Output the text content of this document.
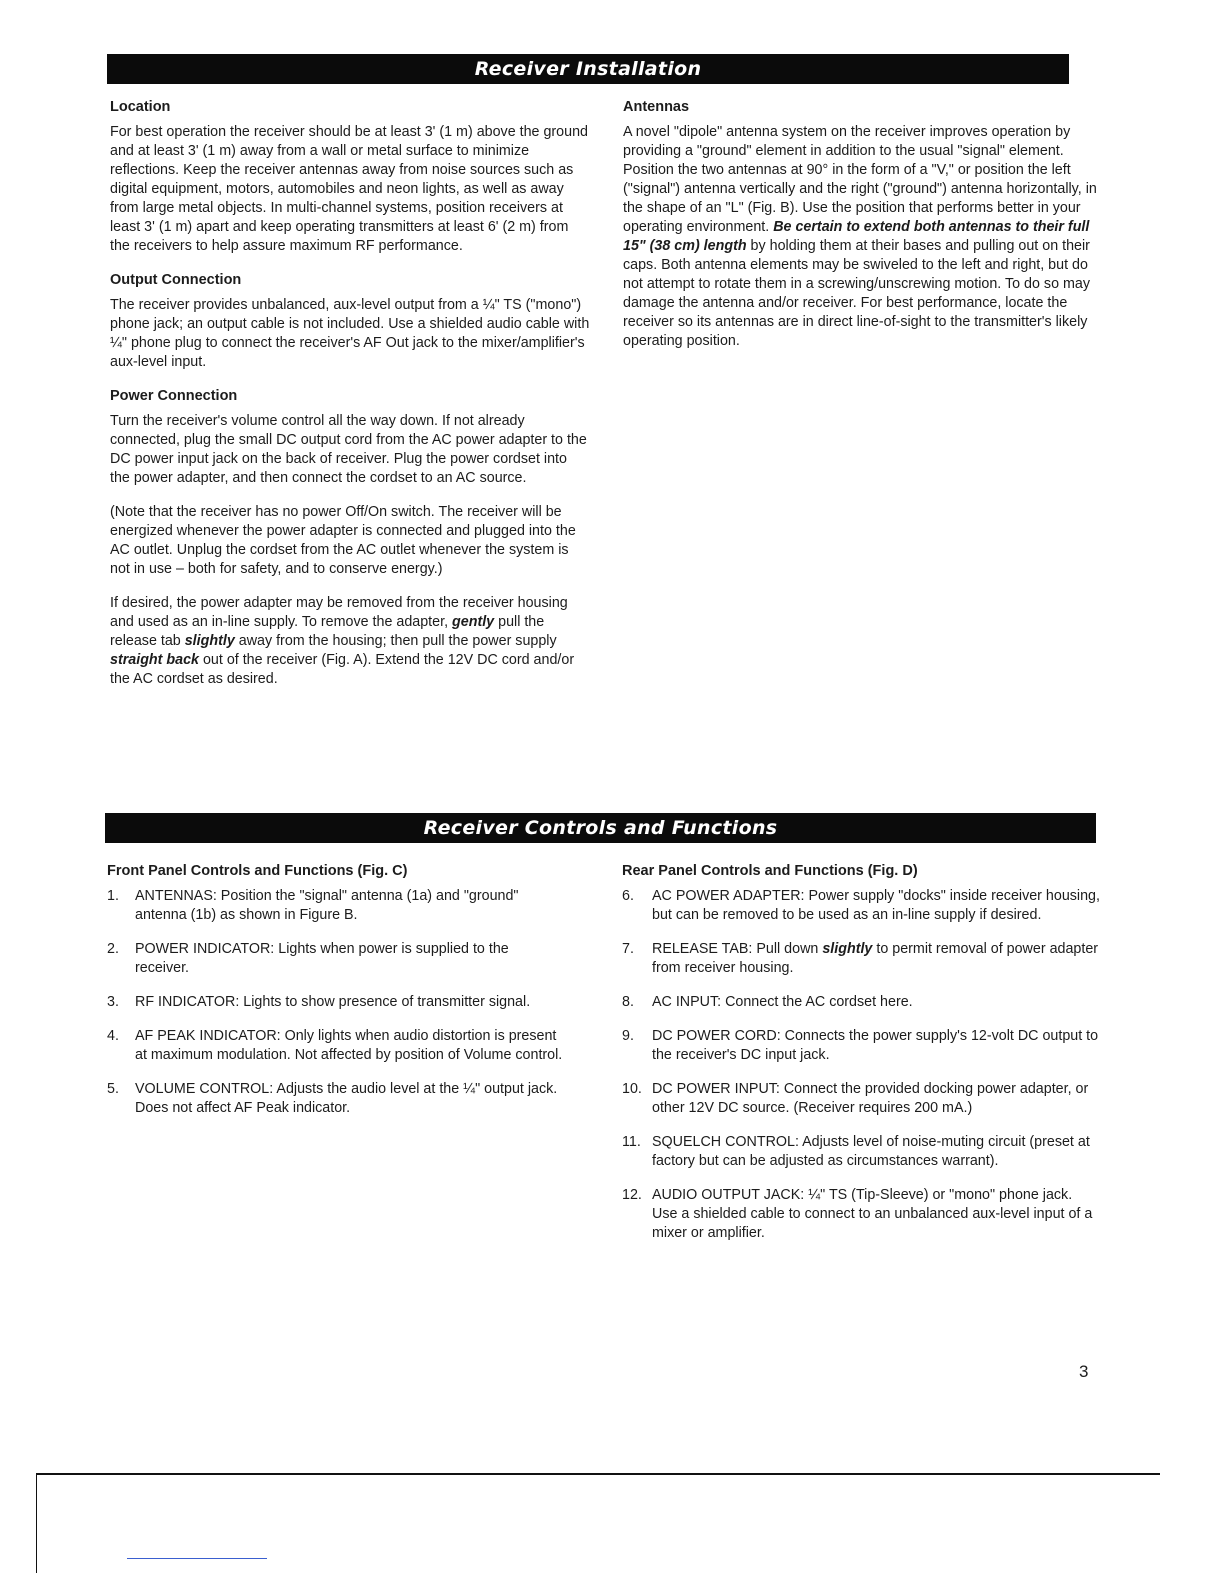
Receiver Installation
Location

For best operation the receiver should be at least 3' (1 m) above the ground and at least 3' (1 m) away from a wall or metal surface to minimize reflections. Keep the receiver antennas away from noise sources such as digital equipment, motors, automobiles and neon lights, as well as away from large metal objects. In multi-channel systems, position receivers at least 3' (1 m) apart and keep operating transmitters at least 6' (2 m) from the receivers to help assure maximum RF performance.

Output Connection

The receiver provides unbalanced, aux-level output from a ¼" TS ("mono") phone jack; an output cable is not included. Use a shielded audio cable with ¼" phone plug to connect the receiver's AF Out jack to the mixer/amplifier's aux-level input.

Power Connection

Turn the receiver's volume control all the way down. If not already connected, plug the small DC output cord from the AC power adapter to the DC power input jack on the back of receiver. Plug the power cordset into the power adapter, and then connect the cordset to an AC source.

(Note that the receiver has no power Off/On switch. The receiver will be energized whenever the power adapter is connected and plugged into the AC outlet. Unplug the cordset from the AC outlet whenever the system is not in use – both for safety, and to conserve energy.)

If desired, the power adapter may be removed from the receiver housing and used as an in-line supply. To remove the adapter, gently pull the release tab slightly away from the housing; then pull the power supply straight back out of the receiver (Fig. A). Extend the 12V DC cord and/or the AC cordset as desired.

Antennas

A novel "dipole" antenna system on the receiver improves operation by providing a "ground" element in addition to the usual "signal" element. Position the two antennas at 90° in the form of a "V," or position the left ("signal") antenna vertically and the right ("ground") antenna horizontally, in the shape of an "L" (Fig. B). Use the position that performs better in your operating environment. Be certain to extend both antennas to their full 15" (38 cm) length by holding them at their bases and pulling out on their caps. Both antenna elements may be swiveled to the left and right, but do not attempt to rotate them in a screwing/unscrewing motion. To do so may damage the antenna and/or receiver. For best performance, locate the receiver so its antennas are in direct line-of-sight to the transmitter's likely operating position.

Receiver Controls and Functions
Front Panel Controls and Functions (Fig. C)
1. ANTENNAS: Position the "signal" antenna (1a) and "ground" antenna (1b) as shown in Figure B.
2. POWER INDICATOR: Lights when power is supplied to the receiver.
3. RF INDICATOR: Lights to show presence of transmitter signal.
4. AF PEAK INDICATOR: Only lights when audio distortion is present at maximum modulation. Not affected by position of Volume control.
5. VOLUME CONTROL: Adjusts the audio level at the ¼" output jack. Does not affect AF Peak indicator.
Rear Panel Controls and Functions (Fig. D)
6. AC POWER ADAPTER: Power supply "docks" inside receiver housing, but can be removed to be used as an in-line supply if desired.
7. RELEASE TAB: Pull down slightly to permit removal of power adapter from receiver housing.
8. AC INPUT: Connect the AC cordset here.
9. DC POWER CORD: Connects the power supply's 12-volt DC output to the receiver's DC input jack.
10. DC POWER INPUT: Connect the provided docking power adapter, or other 12V DC source. (Receiver requires 200 mA.)
11. SQUELCH CONTROL: Adjusts level of noise-muting circuit (preset at factory but can be adjusted as circumstances warrant).
12. AUDIO OUTPUT JACK: ¼" TS (Tip-Sleeve) or "mono" phone jack. Use a shielded cable to connect to an unbalanced aux-level input of a mixer or amplifier.
3
